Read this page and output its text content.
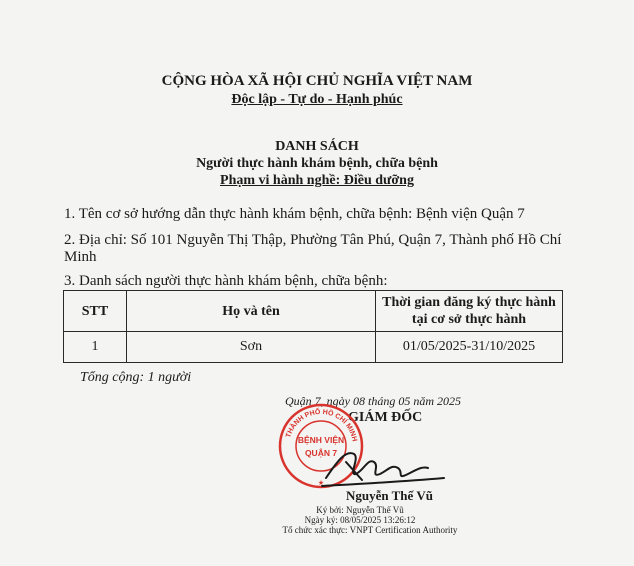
CỘNG HÒA XÃ HỘI CHỦ NGHĨA VIỆT NAM
Độc lập - Tự do - Hạnh phúc
DANH SÁCH
Người thực hành khám bệnh, chữa bệnh
Phạm vi hành nghề: Điều dưỡng
1. Tên cơ sở hướng dẫn thực hành khám bệnh, chữa bệnh: Bệnh viện Quận 7
2. Địa chỉ: Số 101 Nguyễn Thị Thập, Phường Tân Phú, Quận 7, Thành phố Hồ Chí
Minh
3. Danh sách người thực hành khám bệnh, chữa bệnh:
STT	Họ và tên	Thời gian đăng ký thực hành
tại cơ sở thực hành

1	Sơn	01/05/2025-31/10/2025
Tổng cộng: 1 người
Quận 7, ngày 08 tháng 05 năm 2025
GIÁM ĐỐC
THÀNH PHỐ HỒ CHÍ MINH
BỆNH VIỆN
QUẬN 7
★
Nguyễn Thế Vũ
Ký bởi: Nguyễn Thế Vũ
Ngày ký: 08/05/2025 13:26:12
Tổ chức xác thực: VNPT Certification Authority
